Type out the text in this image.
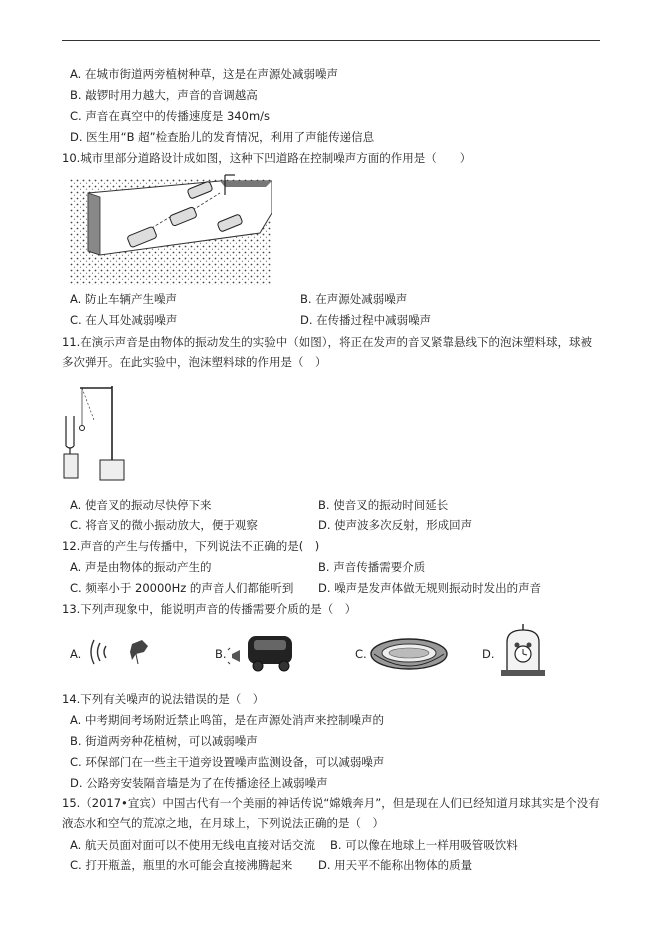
A. 在城市街道两旁植树种草，这是在声源处减弱噪声
B. 敲锣时用力越大，声音的音调越高
C. 声音在真空中的传播速度是 340m/s
D. 医生用“B 超”检查胎儿的发育情况，利用了声能传递信息
10.城市里部分道路设计成如图，这种下凹道路在控制噪声方面的作用是（　　）
A. 防止车辆产生噪声	B. 在声源处减弱噪声
C. 在人耳处减弱噪声	D. 在传播过程中减弱噪声
11.在演示声音是由物体的振动发生的实验中（如图），将正在发声的音叉紧靠悬线下的泡沫塑料球，球被
多次弹开。在此实验中，泡沫塑料球的作用是（　）
A. 使音叉的振动尽快停下来	B. 使音叉的振动时间延长
C. 将音叉的微小振动放大，便于观察	D. 使声波多次反射，形成回声
12.声音的产生与传播中，下列说法不正确的是(　)
A. 声是由物体的振动产生的	B. 声音传播需要介质
C. 频率小于 20000Hz 的声音人们都能听到 D. 噪声是发声体做无规则振动时发出的声音
13.下列声现象中，能说明声音的传播需要介质的是（　）
A.	B.	C.	D.
14.下列有关噪声的说法错误的是（　）
A. 中考期间考场附近禁止鸣笛，是在声源处消声来控制噪声的
B. 街道两旁种花植树，可以减弱噪声
C. 环保部门在一些主干道旁设置噪声监测设备，可以减弱噪声
D. 公路旁安装隔音墙是为了在传播途径上减弱噪声
15.（2017•宜宾）中国古代有一个美丽的神话传说“嫦娥奔月”，但是现在人们已经知道月球其实是个没有
液态水和空气的荒凉之地，在月球上，下列说法正确的是（　）
A. 航天员面对面可以不使用无线电直接对话交流 B. 可以像在地球上一样用吸管吸饮料
C. 打开瓶盖，瓶里的水可能会直接沸腾起来 D. 用天平不能称出物体的质量
